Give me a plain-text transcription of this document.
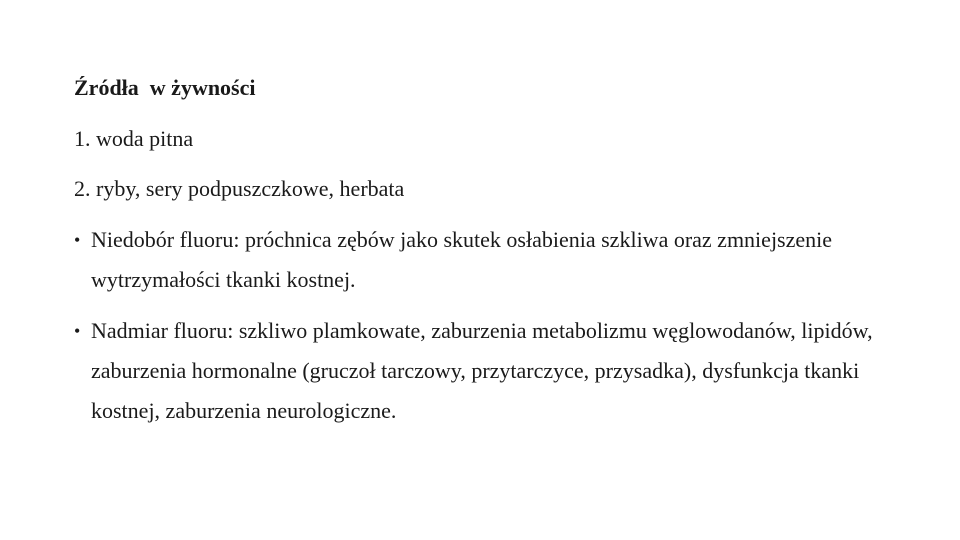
Źródła  w żywności
1. woda pitna
2. ryby, sery podpuszczkowe, herbata
• Niedobór fluoru: próchnica zębów jako skutek osłabienia szkliwa oraz zmniejszenie wytrzymałości tkanki kostnej.
• Nadmiar fluoru: szkliwo plamkowate, zaburzenia metabolizmu węglowodanów, lipidów, zaburzenia hormonalne (gruczoł tarczowy, przytarczyce, przysadka), dysfunkcja tkanki kostnej, zaburzenia neurologiczne.
